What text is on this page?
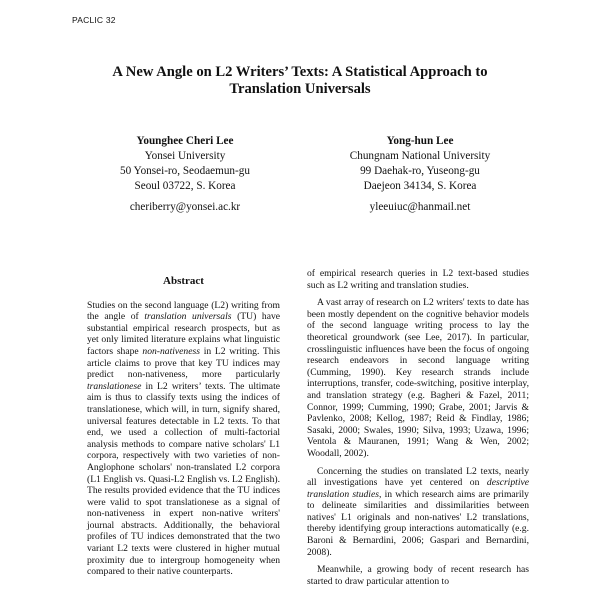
PACLIC 32
A New Angle on L2 Writers’ Texts: A Statistical Approach to
Translation Universals
Younghee Cheri Lee
Yonsei University
50 Yonsei-ro, Seodaemun-gu
Seoul 03722, S. Korea
cheriberry@yonsei.ac.kr
Yong-hun Lee
Chungnam National University
99 Daehak-ro, Yuseong-gu
Daejeon 34134, S. Korea
yleeuiuc@hanmail.net
Abstract

Studies on the second language (L2) writing from the angle of translation universals (TU) have substantial empirical research prospects, but as yet only limited literature explains what linguistic factors shape non-nativeness in L2 writing. This article claims to prove that key TU indices may predict non-nativeness, more particularly translationese in L2 writers’ texts. The ultimate aim is thus to classify texts using the indices of translationese, which will, in turn, signify shared, universal features detectable in L2 texts. To that end, we used a collection of multi-factorial analysis methods to compare native scholars' L1 corpora, respectively with two varieties of non-Anglophone scholars' non-translated L2 corpora (L1 English vs. Quasi-L2 English vs. L2 English). The results provided evidence that the TU indices were valid to spot translationese as a signal of non-nativeness in expert non-native writers' journal abstracts. Additionally, the behavioral profiles of TU indices demonstrated that the two variant L2 texts were clustered in higher mutual proximity due to intergroup homogeneity when compared to their native counterparts.

of empirical research queries in L2 text-based studies such as L2 writing and translation studies.

A vast array of research on L2 writers' texts to date has been mostly dependent on the cognitive behavior models of the second language writing process to lay the theoretical groundwork (see Lee, 2017). In particular, crosslinguistic influences have been the focus of ongoing research endeavors in second language writing (Cumming, 1990). Key research strands include interruptions, transfer, code-switching, positive interplay, and translation strategy (e.g. Bagheri & Fazel, 2011; Connor, 1999; Cumming, 1990; Grabe, 2001; Jarvis & Pavlenko, 2008; Kellog, 1987; Reid & Findlay, 1986; Sasaki, 2000; Swales, 1990; Silva, 1993; Uzawa, 1996; Ventola & Mauranen, 1991; Wang & Wen, 2002; Woodall, 2002).

Concerning the studies on translated L2 texts, nearly all investigations have yet centered on descriptive translation studies, in which research aims are primarily to delineate similarities and dissimilarities between natives' L1 originals and non-natives' L2 translations, thereby identifying group interactions automatically (e.g. Baroni & Bernardini, 2006; Gaspari and Bernardini, 2008).

Meanwhile, a growing body of recent research has started to draw particular attention to
